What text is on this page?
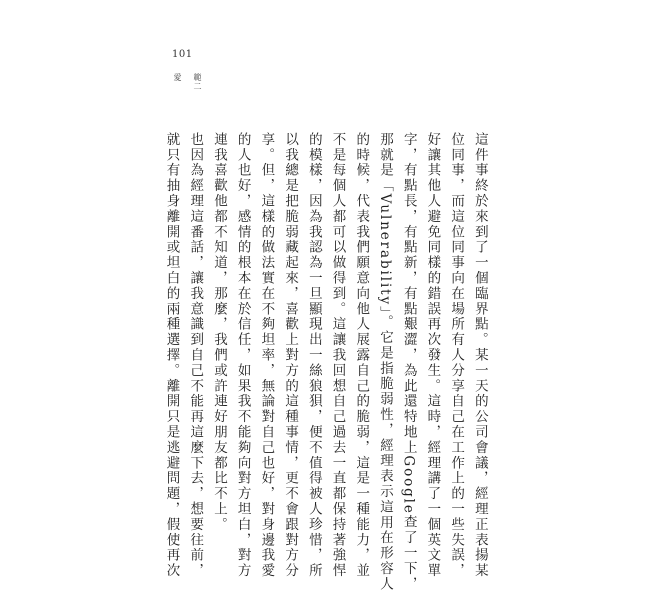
101
愛 範二
這件事終於來到了一個臨界點。某一天的公司會議，經理正表揚某
位同事，而這位同事向在場所有人分享自己在工作上的一些失誤，
好讓其他人避免同樣的錯誤再次發生。這時，經理講了一個英文單
字，有點長，有點新，有點艱澀，為此還特地上Google查了一下，
那就是「Vulnerability」。它是指脆弱性，經理表示這用在形容人
的時候，代表我們願意向他人展露自己的脆弱，這是一種能力，並
不是每個人都可以做得到。這讓我回想自己過去一直都保持著強悍
的模樣，因為我認為一旦顯現出一絲狼狽，便不值得被人珍惜，所
以我總是把脆弱藏起來，喜歡上對方的這種事情，更不會跟對方分
享。但，這樣的做法實在不夠坦率，無論對自己也好，對身邊我愛
的人也好，感情的根本在於信任，如果我不能夠向對方坦白，對方
連我喜歡他都不知道，那麼，我們或許連好朋友都比不上。
也因為經理這番話，讓我意識到自己不能再這麼下去，想要往前，
就只有抽身離開或坦白的兩種選擇。離開只是逃避問題，假使再次
